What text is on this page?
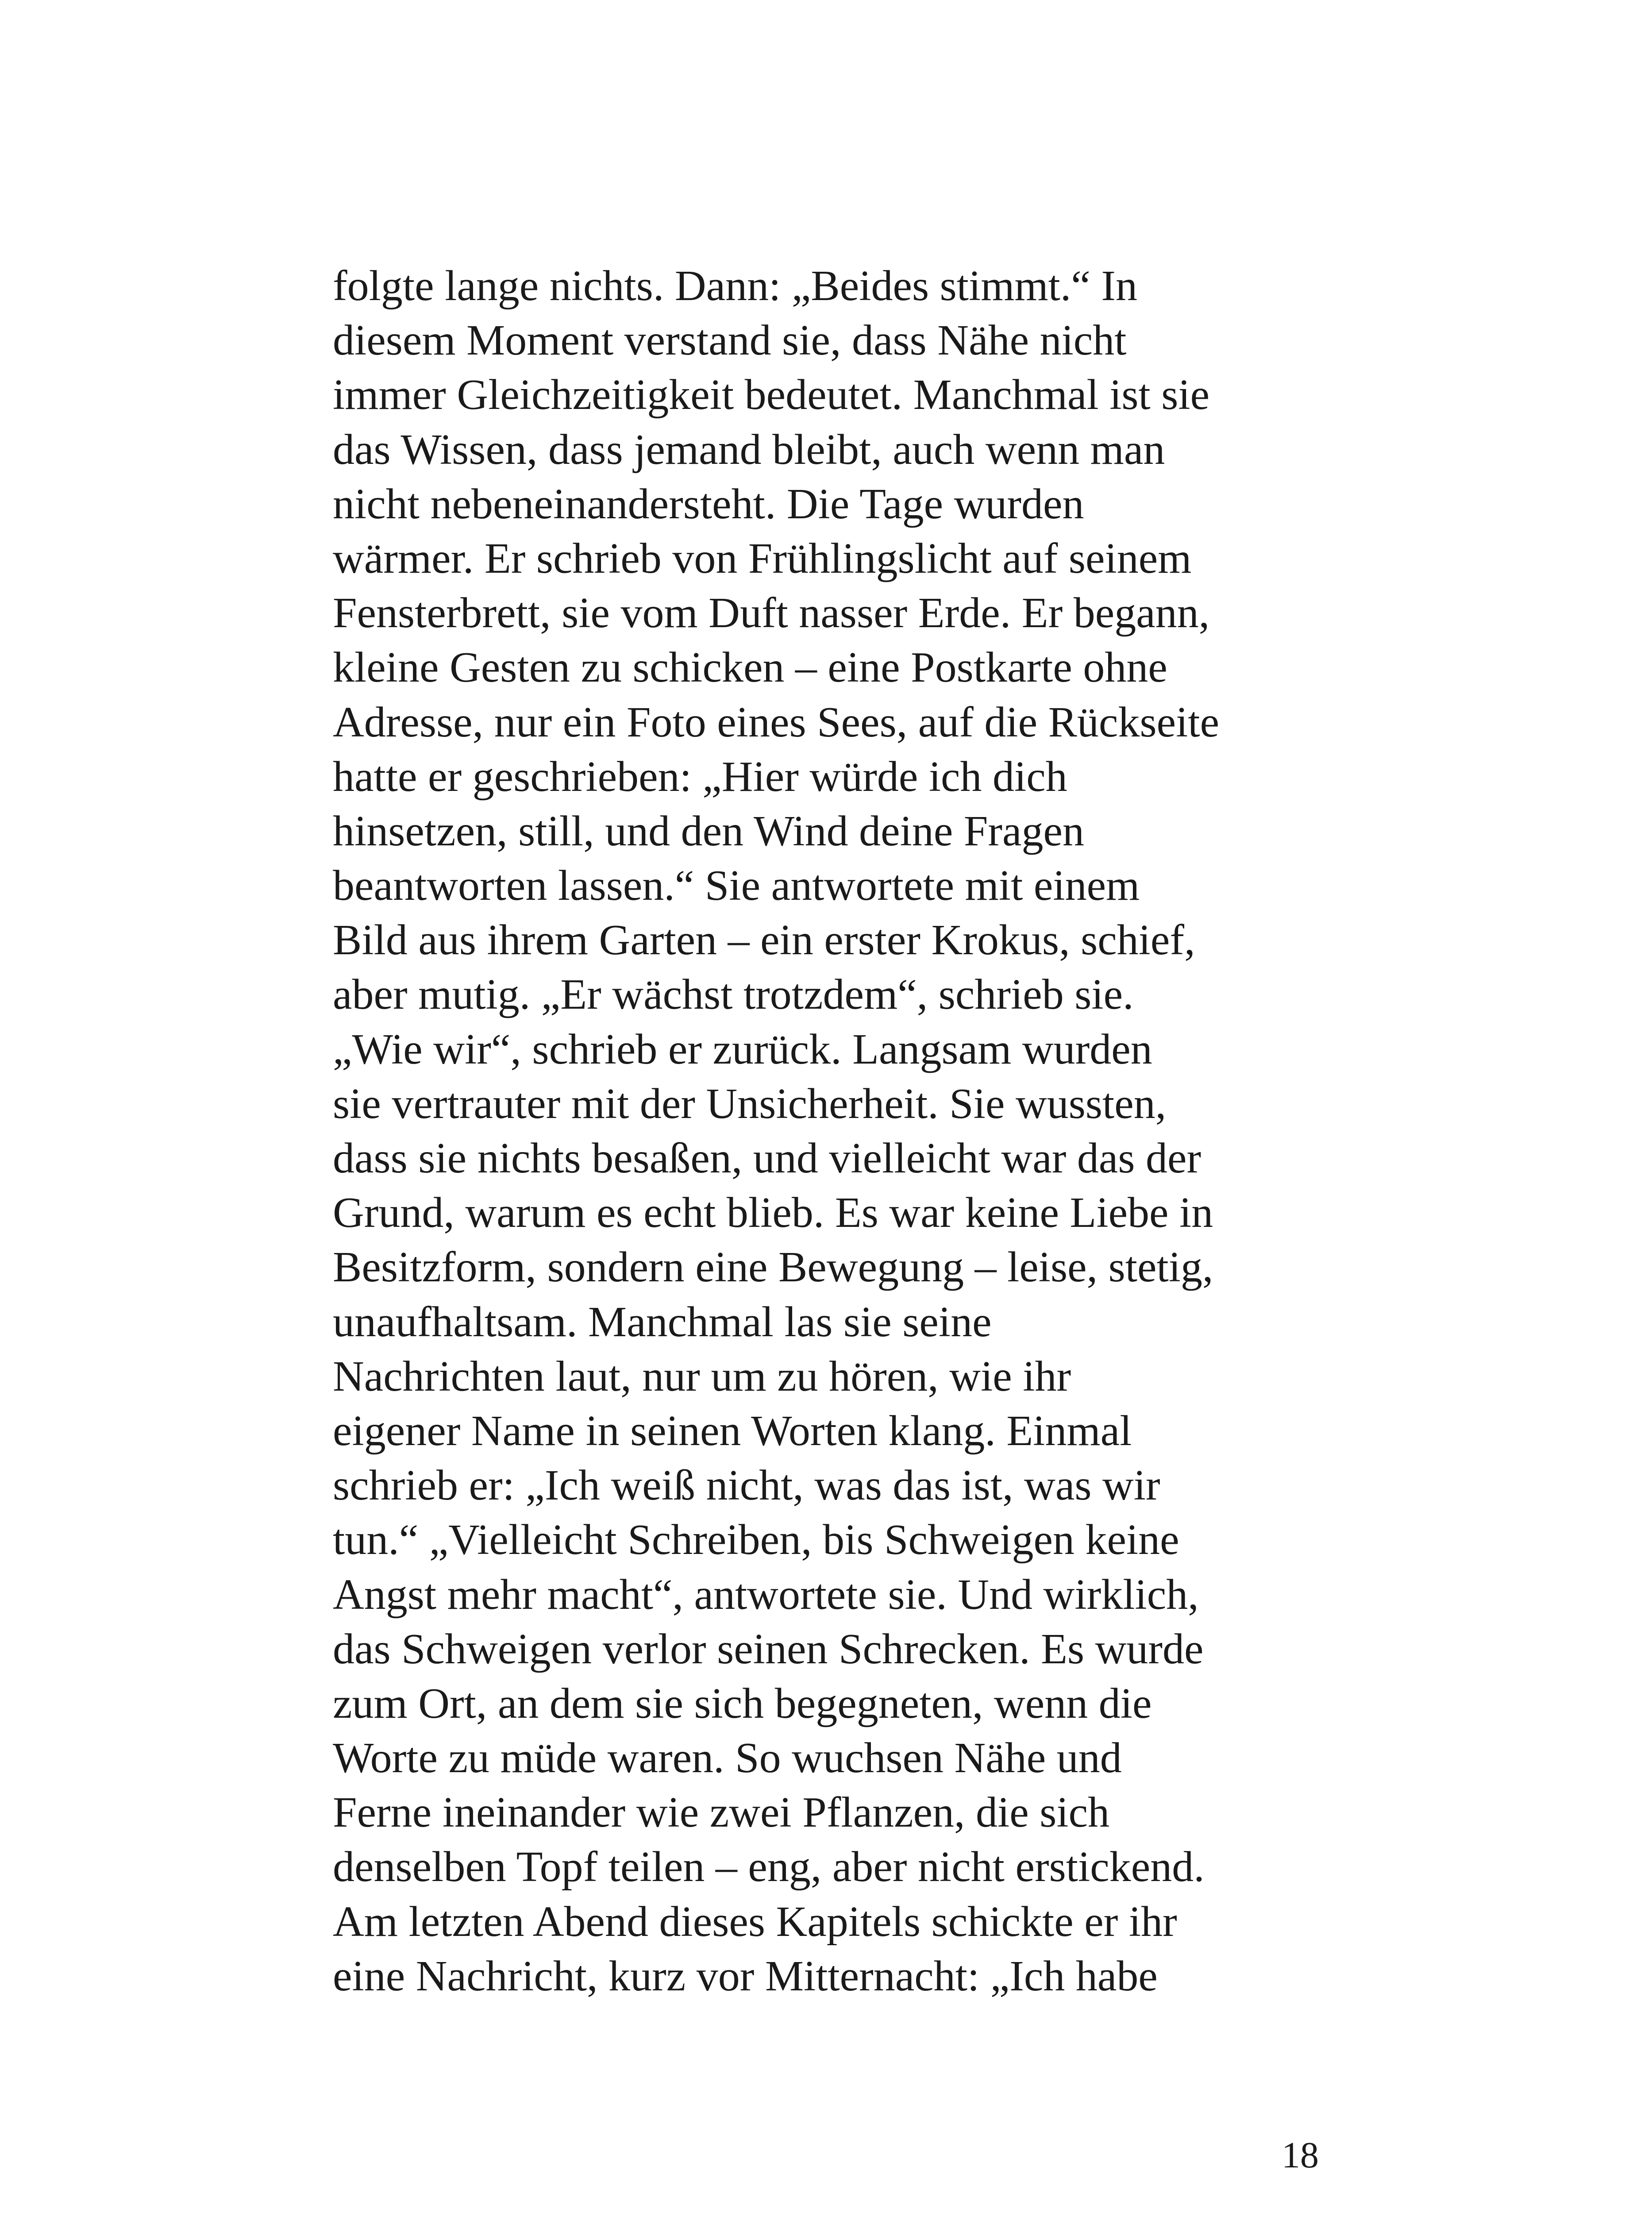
folgte lange nichts. Dann: „Beides stimmt.“ In
diesem Moment verstand sie, dass Nähe nicht
immer Gleichzeitigkeit bedeutet. Manchmal ist sie
das Wissen, dass jemand bleibt, auch wenn man
nicht nebeneinandersteht. Die Tage wurden
wärmer. Er schrieb von Frühlingslicht auf seinem
Fensterbrett, sie vom Duft nasser Erde. Er begann,
kleine Gesten zu schicken – eine Postkarte ohne
Adresse, nur ein Foto eines Sees, auf die Rückseite
hatte er geschrieben: „Hier würde ich dich
hinsetzen, still, und den Wind deine Fragen
beantworten lassen.“ Sie antwortete mit einem
Bild aus ihrem Garten – ein erster Krokus, schief,
aber mutig. „Er wächst trotzdem“, schrieb sie.
„Wie wir“, schrieb er zurück. Langsam wurden
sie vertrauter mit der Unsicherheit. Sie wussten,
dass sie nichts besaßen, und vielleicht war das der
Grund, warum es echt blieb. Es war keine Liebe in
Besitzform, sondern eine Bewegung – leise, stetig,
unaufhaltsam. Manchmal las sie seine
Nachrichten laut, nur um zu hören, wie ihr
eigener Name in seinen Worten klang. Einmal
schrieb er: „Ich weiß nicht, was das ist, was wir
tun.“ „Vielleicht Schreiben, bis Schweigen keine
Angst mehr macht“, antwortete sie. Und wirklich,
das Schweigen verlor seinen Schrecken. Es wurde
zum Ort, an dem sie sich begegneten, wenn die
Worte zu müde waren. So wuchsen Nähe und
Ferne ineinander wie zwei Pflanzen, die sich
denselben Topf teilen – eng, aber nicht erstickend.
Am letzten Abend dieses Kapitels schickte er ihr
eine Nachricht, kurz vor Mitternacht: „Ich habe
18
